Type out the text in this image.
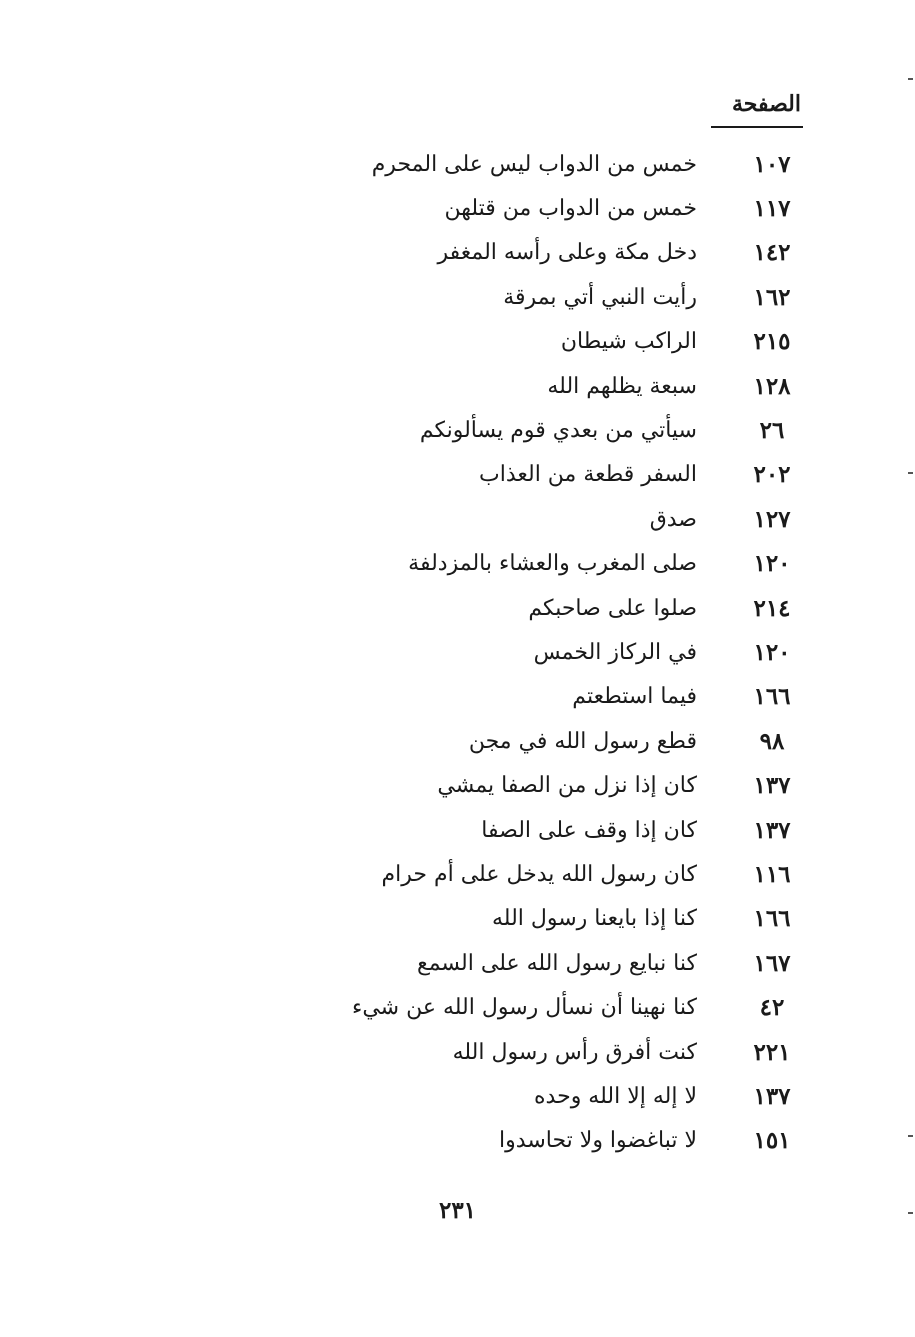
الصفحة
١٠٧
خمس من الدواب ليس على المحرم
١١٧
خمس من الدواب من قتلهن
١٤٢
دخل مكة وعلى رأسه المغفر
١٦٢
رأيت النبي أتي بمرقة
٢١٥
الراكب شيطان
١٢٨
سبعة يظلهم الله
٢٦
سيأتي من بعدي قوم يسألونكم
٢٠٢
السفر قطعة من العذاب
١٢٧
صدق
١٢٠
صلى المغرب والعشاء بالمزدلفة
٢١٤
صلوا على صاحبكم
١٢٠
في الركاز الخمس
١٦٦
فيما استطعتم
٩٨
قطع رسول الله في مجن
١٣٧
كان إذا نزل من الصفا يمشي
١٣٧
كان إذا وقف على الصفا
١١٦
كان رسول الله يدخل على أم حرام
١٦٦
كنا إذا بايعنا رسول الله
١٦٧
كنا نبايع رسول الله على السمع
٤٢
كنا نهينا أن نسأل رسول الله عن شيء
٢٢١
كنت أفرق رأس رسول الله
١٣٧
لا إله إلا الله وحده
١٥١
لا تباغضوا ولا تحاسدوا
٢٣١
